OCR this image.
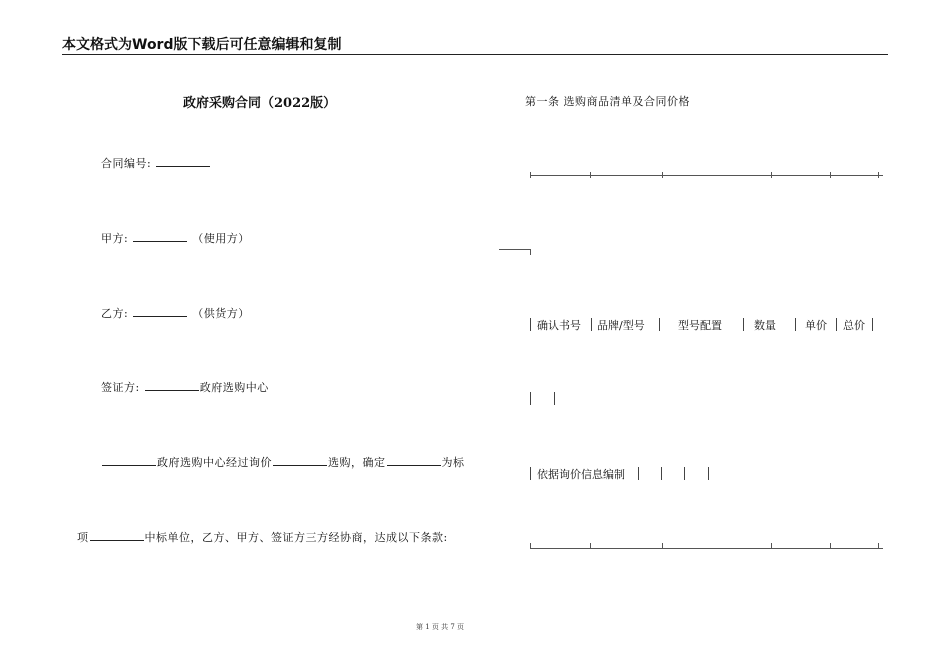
本文格式为Word版下载后可任意编辑和复制
政府采购合同（2022版）
合同编号:
甲方:	（使用方）
乙方:	（供货方）
签证方:	政府选购中心
政府选购中心经过询价	选购，确定	为标
项	中标单位，乙方、甲方、签证方三方经协商，达成以下条款:
第一条 选购商品清单及合同价格
确认书号 品牌/型号	型号配置	数量	单价 总价
依据询价信息编制
第 1 页 共 7 页
